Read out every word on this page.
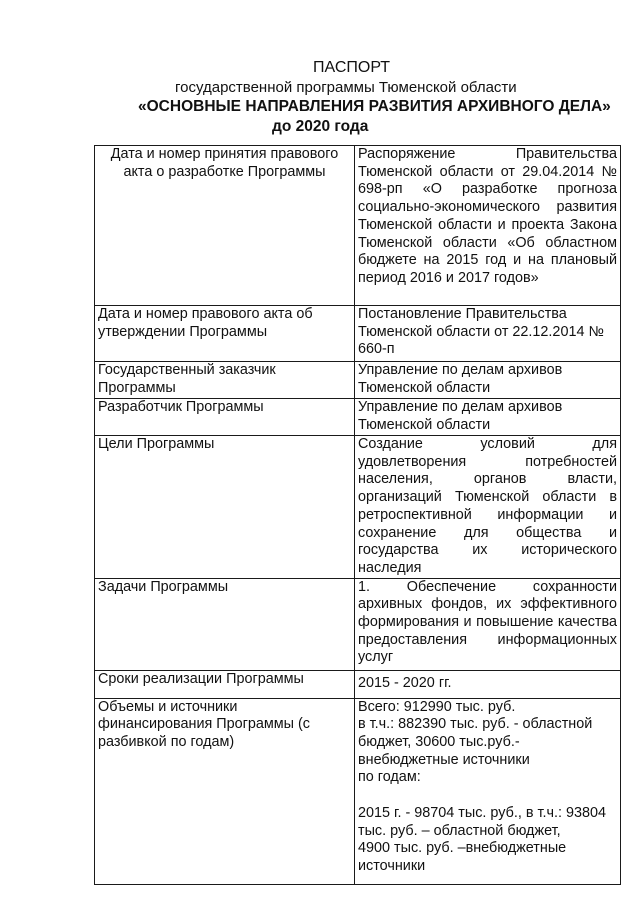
ПАСПОРТ
государственной программы Тюменской области
«ОСНОВНЫЕ НАПРАВЛЕНИЯ РАЗВИТИЯ АРХИВНОГО ДЕЛА»
до 2020 года
Дата и номер принятия правового акта о разработке Программы	Распоряжение Правительства Тюменской области от 29.04.2014 № 698-рп «О разработке прогноза социально-экономического развития Тюменской области и проекта Закона Тюменской области «Об областном бюджете на 2015 год и на плановый период 2016 и 2017 годов»
Дата и номер правового акта об утверждении Программы	Постановление Правительства Тюменской области от 22.12.2014 № 660-п
Государственный заказчик Программы	Управление по делам архивов Тюменской области
Разработчик Программы	Управление по делам архивов Тюменской области
Цели Программы	Создание условий для удовлетворения потребностей населения, органов власти, организаций Тюменской области в ретроспективной информации и сохранение для общества и государства их исторического наследия
Задачи Программы	1. Обеспечение сохранности архивных фондов, их эффективного формирования и повышение качества предоставления информационных услуг
Сроки реализации Программы	2015 - 2020 гг.
Объемы и источники финансирования Программы (с разбивкой по годам)	Всего: 912990 тыс. руб.
в т.ч.: 882390 тыс. руб. - областной бюджет, 30600 тыс.руб.- внебюджетные источники
по годам:

2015 г. - 98704 тыс. руб., в т.ч.: 93804 тыс. руб. – областной бюджет,
4900 тыс. руб. –внебюджетные источники
